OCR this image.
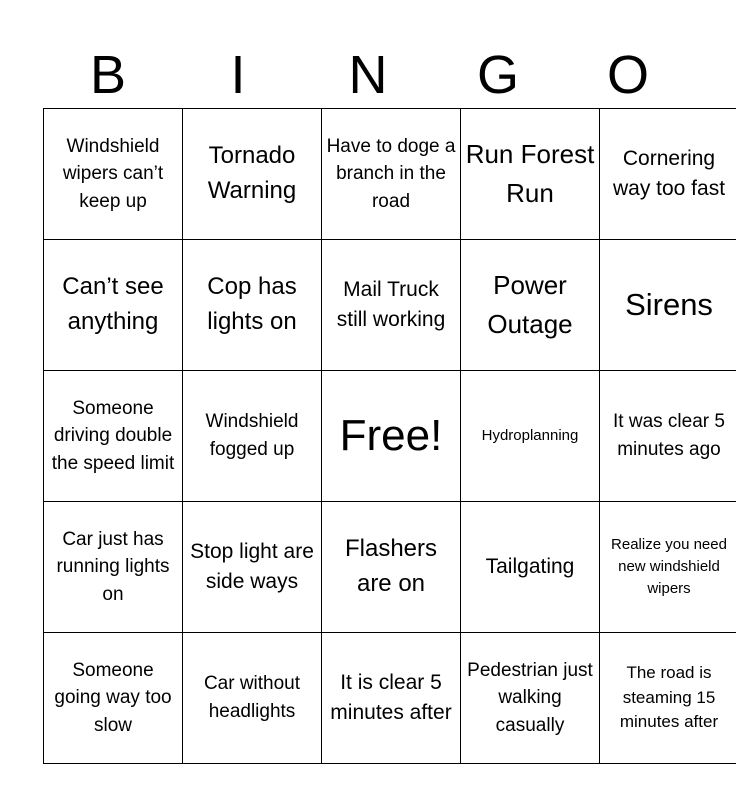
B	I	N	G	O
Windshield wipers can’t keep up	Tornado Warning	Have to doge a branch in the road	Run Forest Run	Cornering way too fast

Can’t see anything	Cop has lights on	Mail Truck still working	Power Outage	Sirens

Someone driving double the speed limit	Windshield fogged up	Free!	Hydroplanning	It was clear 5 minutes ago

Car just has running lights on	Stop light are side ways	Flashers are on	Tailgating	Realize you need new windshield wipers

Someone going way too slow	Car without headlights	It is clear 5 minutes after	Pedestrian just walking casually	The road is steaming 15 minutes after
